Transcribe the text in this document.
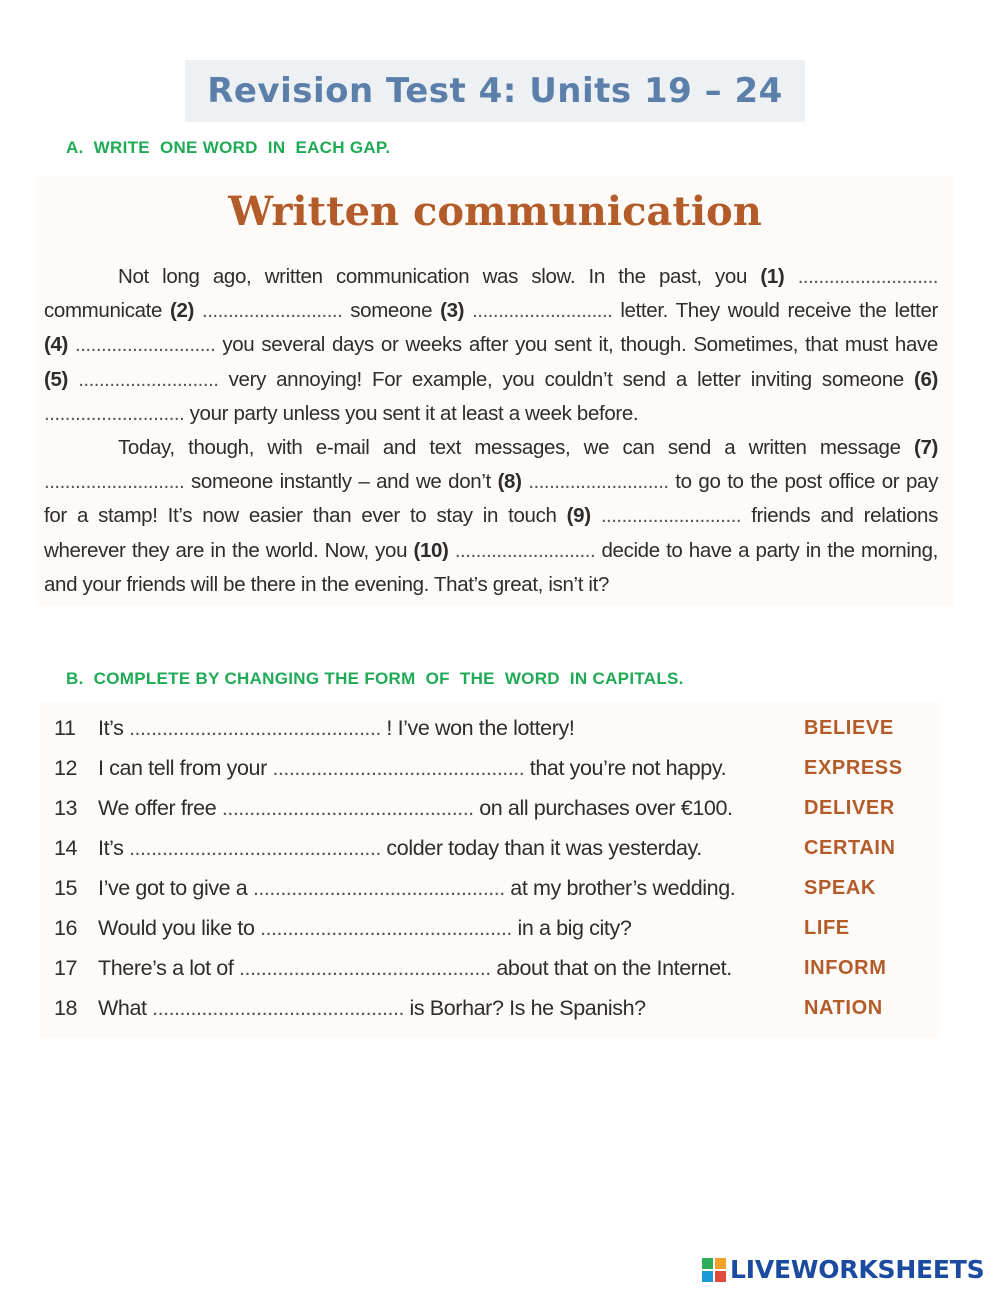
Revision Test 4: Units 19 – 24
A.  WRITE  ONE WORD  IN  EACH GAP.
Written communication

Not long ago, written communication was slow. In the past, you (1) ........................... communicate (2) ........................... someone (3) ........................... letter. They would receive the letter (4) ........................... you several days or weeks after you sent it, though. Sometimes, that must have (5) ........................... very annoying! For example, you couldn’t send a letter inviting someone (6) ........................... your party unless you sent it at least a week before.

Today, though, with e-mail and text messages, we can send a written message (7) ........................... someone instantly – and we don’t (8) ........................... to go to the post office or pay for a stamp! It’s now easier than ever to stay in touch (9) ........................... friends and relations wherever they are in the world. Now, you (10) ........................... decide to have a party in the morning, and your friends will be there in the evening. That’s great, isn’t it?

B.  COMPLETE BY CHANGING THE FORM  OF  THE  WORD  IN CAPITALS.
11	It’s .............................................. ! I’ve won the lottery!	BELIEVE
12 I can tell from your .............................................. that you’re not happy.	EXPRESS
13 We offer free .............................................. on all purchases over €100.	DELIVER
14 It’s .............................................. colder today than it was yesterday.	CERTAIN
15 I’ve got to give a .............................................. at my brother’s wedding.	SPEAK
16 Would you like to .............................................. in a big city?	LIFE
17 There’s a lot of .............................................. about that on the Internet.	INFORM
18 What .............................................. is Borhar? Is he Spanish?	NATION
LIVEWORKSHEETS
